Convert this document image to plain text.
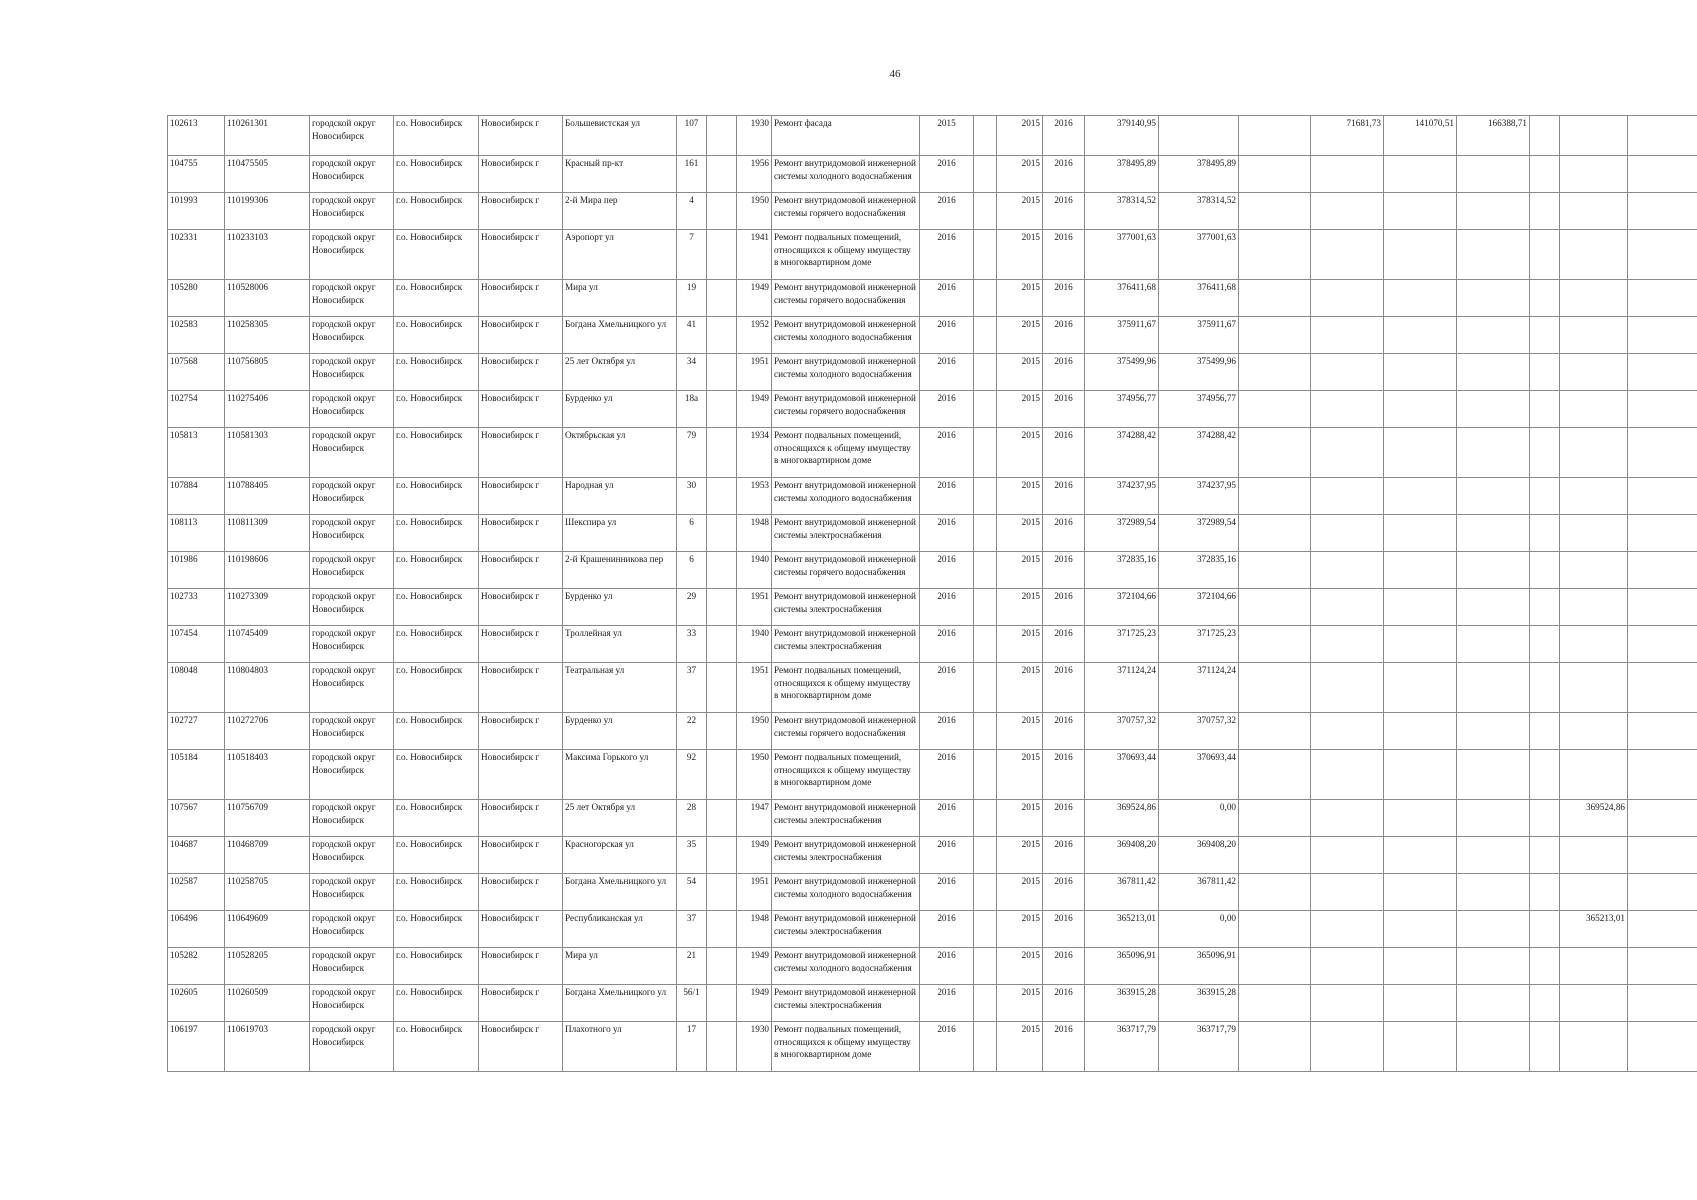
46
102613	110261301	городской округ Новосибирск	г.о. Новосибирск	Новосибирск г	Большевистская ул	107		1930	Ремонт фасада	2015		2015	2016	379140,95			71681,73	141070,51	166388,71			
104755	110475505	городской округ Новосибирск	г.о. Новосибирск	Новосибирск г	Красный пр-кт	161		1956	Ремонт внутридомовой инженерной системы холодного водоснабжения	2016		2015	2016	378495,89	378495,89							
101993	110199306	городской округ Новосибирск	г.о. Новосибирск	Новосибирск г	2-й Мира пер	4		1950	Ремонт внутридомовой инженерной системы горячего водоснабжения	2016		2015	2016	378314,52	378314,52							
102331	110233103	городской округ Новосибирск	г.о. Новосибирск	Новосибирск г	Аэропорт ул	7		1941	Ремонт подвальных помещений, относящихся к общему имуществу в многоквартирном доме	2016		2015	2016	377001,63	377001,63							
105280	110528006	городской округ Новосибирск	г.о. Новосибирск	Новосибирск г	Мира ул	19		1949	Ремонт внутридомовой инженерной системы горячего водоснабжения	2016		2015	2016	376411,68	376411,68							
102583	110258305	городской округ Новосибирск	г.о. Новосибирск	Новосибирск г	Богдана Хмельницкого ул	41		1952	Ремонт внутридомовой инженерной системы холодного водоснабжения	2016		2015	2016	375911,67	375911,67							
107568	110756805	городской округ Новосибирск	г.о. Новосибирск	Новосибирск г	25 лет Октября ул	34		1951	Ремонт внутридомовой инженерной системы холодного водоснабжения	2016		2015	2016	375499,96	375499,96							
102754	110275406	городской округ Новосибирск	г.о. Новосибирск	Новосибирск г	Бурденко ул	18а		1949	Ремонт внутридомовой инженерной системы горячего водоснабжения	2016		2015	2016	374956,77	374956,77							
105813	110581303	городской округ Новосибирск	г.о. Новосибирск	Новосибирск г	Октябрьская ул	79		1934	Ремонт подвальных помещений, относящихся к общему имуществу в многоквартирном доме	2016		2015	2016	374288,42	374288,42							
107884	110788405	городской округ Новосибирск	г.о. Новосибирск	Новосибирск г	Народная ул	30		1953	Ремонт внутридомовой инженерной системы холодного водоснабжения	2016		2015	2016	374237,95	374237,95							
108113	110811309	городской округ Новосибирск	г.о. Новосибирск	Новосибирск г	Шекспира ул	6		1948	Ремонт внутридомовой инженерной системы электроснабжения	2016		2015	2016	372989,54	372989,54							
101986	110198606	городской округ Новосибирск	г.о. Новосибирск	Новосибирск г	2-й Крашенинникова пер	6		1940	Ремонт внутридомовой инженерной системы горячего водоснабжения	2016		2015	2016	372835,16	372835,16							
102733	110273309	городской округ Новосибирск	г.о. Новосибирск	Новосибирск г	Бурденко ул	29		1951	Ремонт внутридомовой инженерной системы электроснабжения	2016		2015	2016	372104,66	372104,66							
107454	110745409	городской округ Новосибирск	г.о. Новосибирск	Новосибирск г	Троллейная ул	33		1940	Ремонт внутридомовой инженерной системы электроснабжения	2016		2015	2016	371725,23	371725,23							
108048	110804803	городской округ Новосибирск	г.о. Новосибирск	Новосибирск г	Театральная ул	37		1951	Ремонт подвальных помещений, относящихся к общему имуществу в многоквартирном доме	2016		2015	2016	371124,24	371124,24							
102727	110272706	городской округ Новосибирск	г.о. Новосибирск	Новосибирск г	Бурденко ул	22		1950	Ремонт внутридомовой инженерной системы горячего водоснабжения	2016		2015	2016	370757,32	370757,32							
105184	110518403	городской округ Новосибирск	г.о. Новосибирск	Новосибирск г	Максима Горького ул	92		1950	Ремонт подвальных помещений, относящихся к общему имуществу в многоквартирном доме	2016		2015	2016	370693,44	370693,44							
107567	110756709	городской округ Новосибирск	г.о. Новосибирск	Новосибирск г	25 лет Октября ул	28		1947	Ремонт внутридомовой инженерной системы электроснабжения	2016		2015	2016	369524,86	0,00						369524,86	
104687	110468709	городской округ Новосибирск	г.о. Новосибирск	Новосибирск г	Красногорская ул	35		1949	Ремонт внутридомовой инженерной системы электроснабжения	2016		2015	2016	369408,20	369408,20							
102587	110258705	городской округ Новосибирск	г.о. Новосибирск	Новосибирск г	Богдана Хмельницкого ул	54		1951	Ремонт внутридомовой инженерной системы холодного водоснабжения	2016		2015	2016	367811,42	367811,42							
106496	110649609	городской округ Новосибирск	г.о. Новосибирск	Новосибирск г	Республиканская ул	37		1948	Ремонт внутридомовой инженерной системы электроснабжения	2016		2015	2016	365213,01	0,00						365213,01	
105282	110528205	городской округ Новосибирск	г.о. Новосибирск	Новосибирск г	Мира ул	21		1949	Ремонт внутридомовой инженерной системы холодного водоснабжения	2016		2015	2016	365096,91	365096,91							
102605	110260509	городской округ Новосибирск	г.о. Новосибирск	Новосибирск г	Богдана Хмельницкого ул	56/1		1949	Ремонт внутридомовой инженерной системы электроснабжения	2016		2015	2016	363915,28	363915,28							
106197	110619703	городской округ Новосибирск	г.о. Новосибирск	Новосибирск г	Плахотного ул	17		1930	Ремонт подвальных помещений, относящихся к общему имуществу в многоквартирном доме	2016		2015	2016	363717,79	363717,79							
